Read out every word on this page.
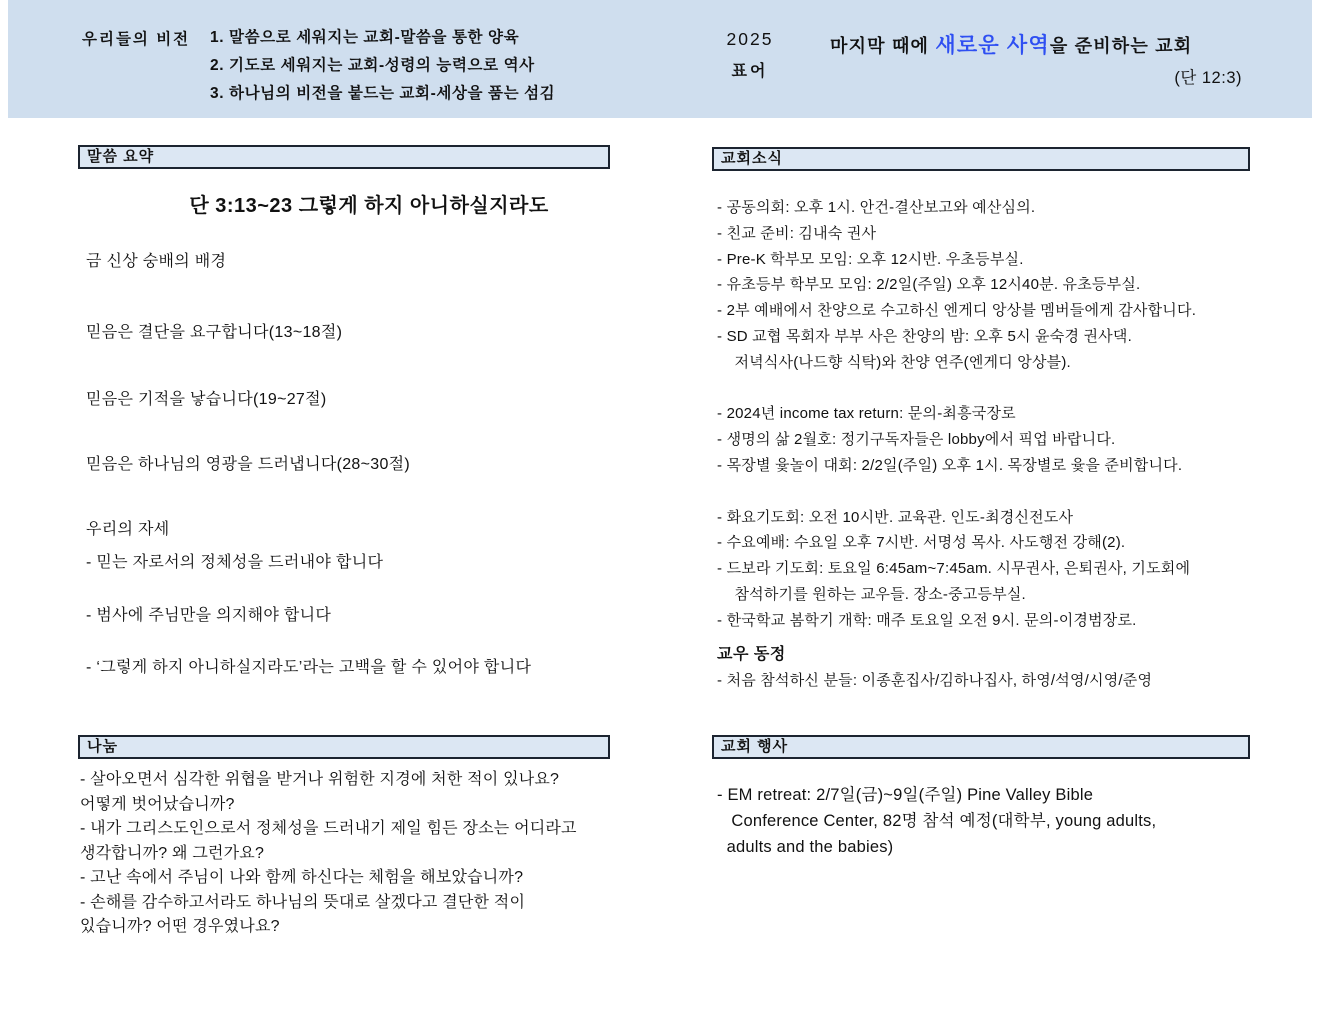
우리들의 비전	1. 말씀으로 세워지는 교회-말씀을 통한 양육
2. 기도로 세워지는 교회-성령의 능력으로 역사
3. 하나님의 비전을 붙드는 교회-세상을 품는 섬김
2025
표어
마지막 때에 새로운 사역을 준비하는 교회
(단 12:3)
말씀 요약
단 3:13~23 그렇게 하지 아니하실지라도
금 신상 숭배의 배경
믿음은 결단을 요구합니다(13~18절)
믿음은 기적을 낳습니다(19~27절)
믿음은 하나님의 영광을 드러냅니다(28~30절)
우리의 자세
- 믿는 자로서의 정체성을 드러내야 합니다
- 범사에 주님만을 의지해야 합니다
- ‘그렇게 하지 아니하실지라도’라는 고백을 할 수 있어야 합니다
나눔
- 살아오면서 심각한 위협을 받거나 위험한 지경에 처한 적이 있나요?
어떻게 벗어났습니까?
- 내가 그리스도인으로서 정체성을 드러내기 제일 힘든 장소는 어디라고
생각합니까? 왜 그런가요?
- 고난 속에서 주님이 나와 함께 하신다는 체험을 해보았습니까?
- 손해를 감수하고서라도 하나님의 뜻대로 살겠다고 결단한 적이
있습니까? 어떤 경우였나요?
교회소식
- 공동의회: 오후 1시. 안건-결산보고와 예산심의.
- 친교 준비: 김내숙 권사
- Pre-K 학부모 모임: 오후 12시반. 우초등부실.
- 유초등부 학부모 모임: 2/2일(주일) 오후 12시40분. 유초등부실.
- 2부 예배에서 찬양으로 수고하신 엔게디 앙상블 멤버들에게 감사합니다.
- SD 교협 목회자 부부 사은 찬양의 밤: 오후 5시 윤숙경 권사댁.
저녁식사(나드향 식탁)와 찬양 연주(엔게디 앙상블).
- 2024년 income tax return: 문의-최흥국장로
- 생명의 삶 2월호: 정기구독자들은 lobby에서 픽업 바랍니다.
- 목장별 윷놀이 대회: 2/2일(주일) 오후 1시. 목장별로 윷을 준비합니다.
- 화요기도회: 오전 10시반. 교육관. 인도-최경신전도사
- 수요예배: 수요일 오후 7시반. 서명성 목사. 사도행전 강해(2).
- 드보라 기도회: 토요일 6:45am~7:45am. 시무권사, 은퇴권사, 기도회에
참석하기를 원하는 교우들. 장소-중고등부실.
- 한국학교 봄학기 개학: 매주 토요일 오전 9시. 문의-이경범장로.
교우 동정
- 처음 참석하신 분들: 이종훈집사/김하나집사, 하영/석영/시영/준영
교회 행사
- EM retreat: 2/7일(금)~9일(주일) Pine Valley Bible
Conference Center, 82명 참석 예정(대학부, young adults,
adults and the babies)
